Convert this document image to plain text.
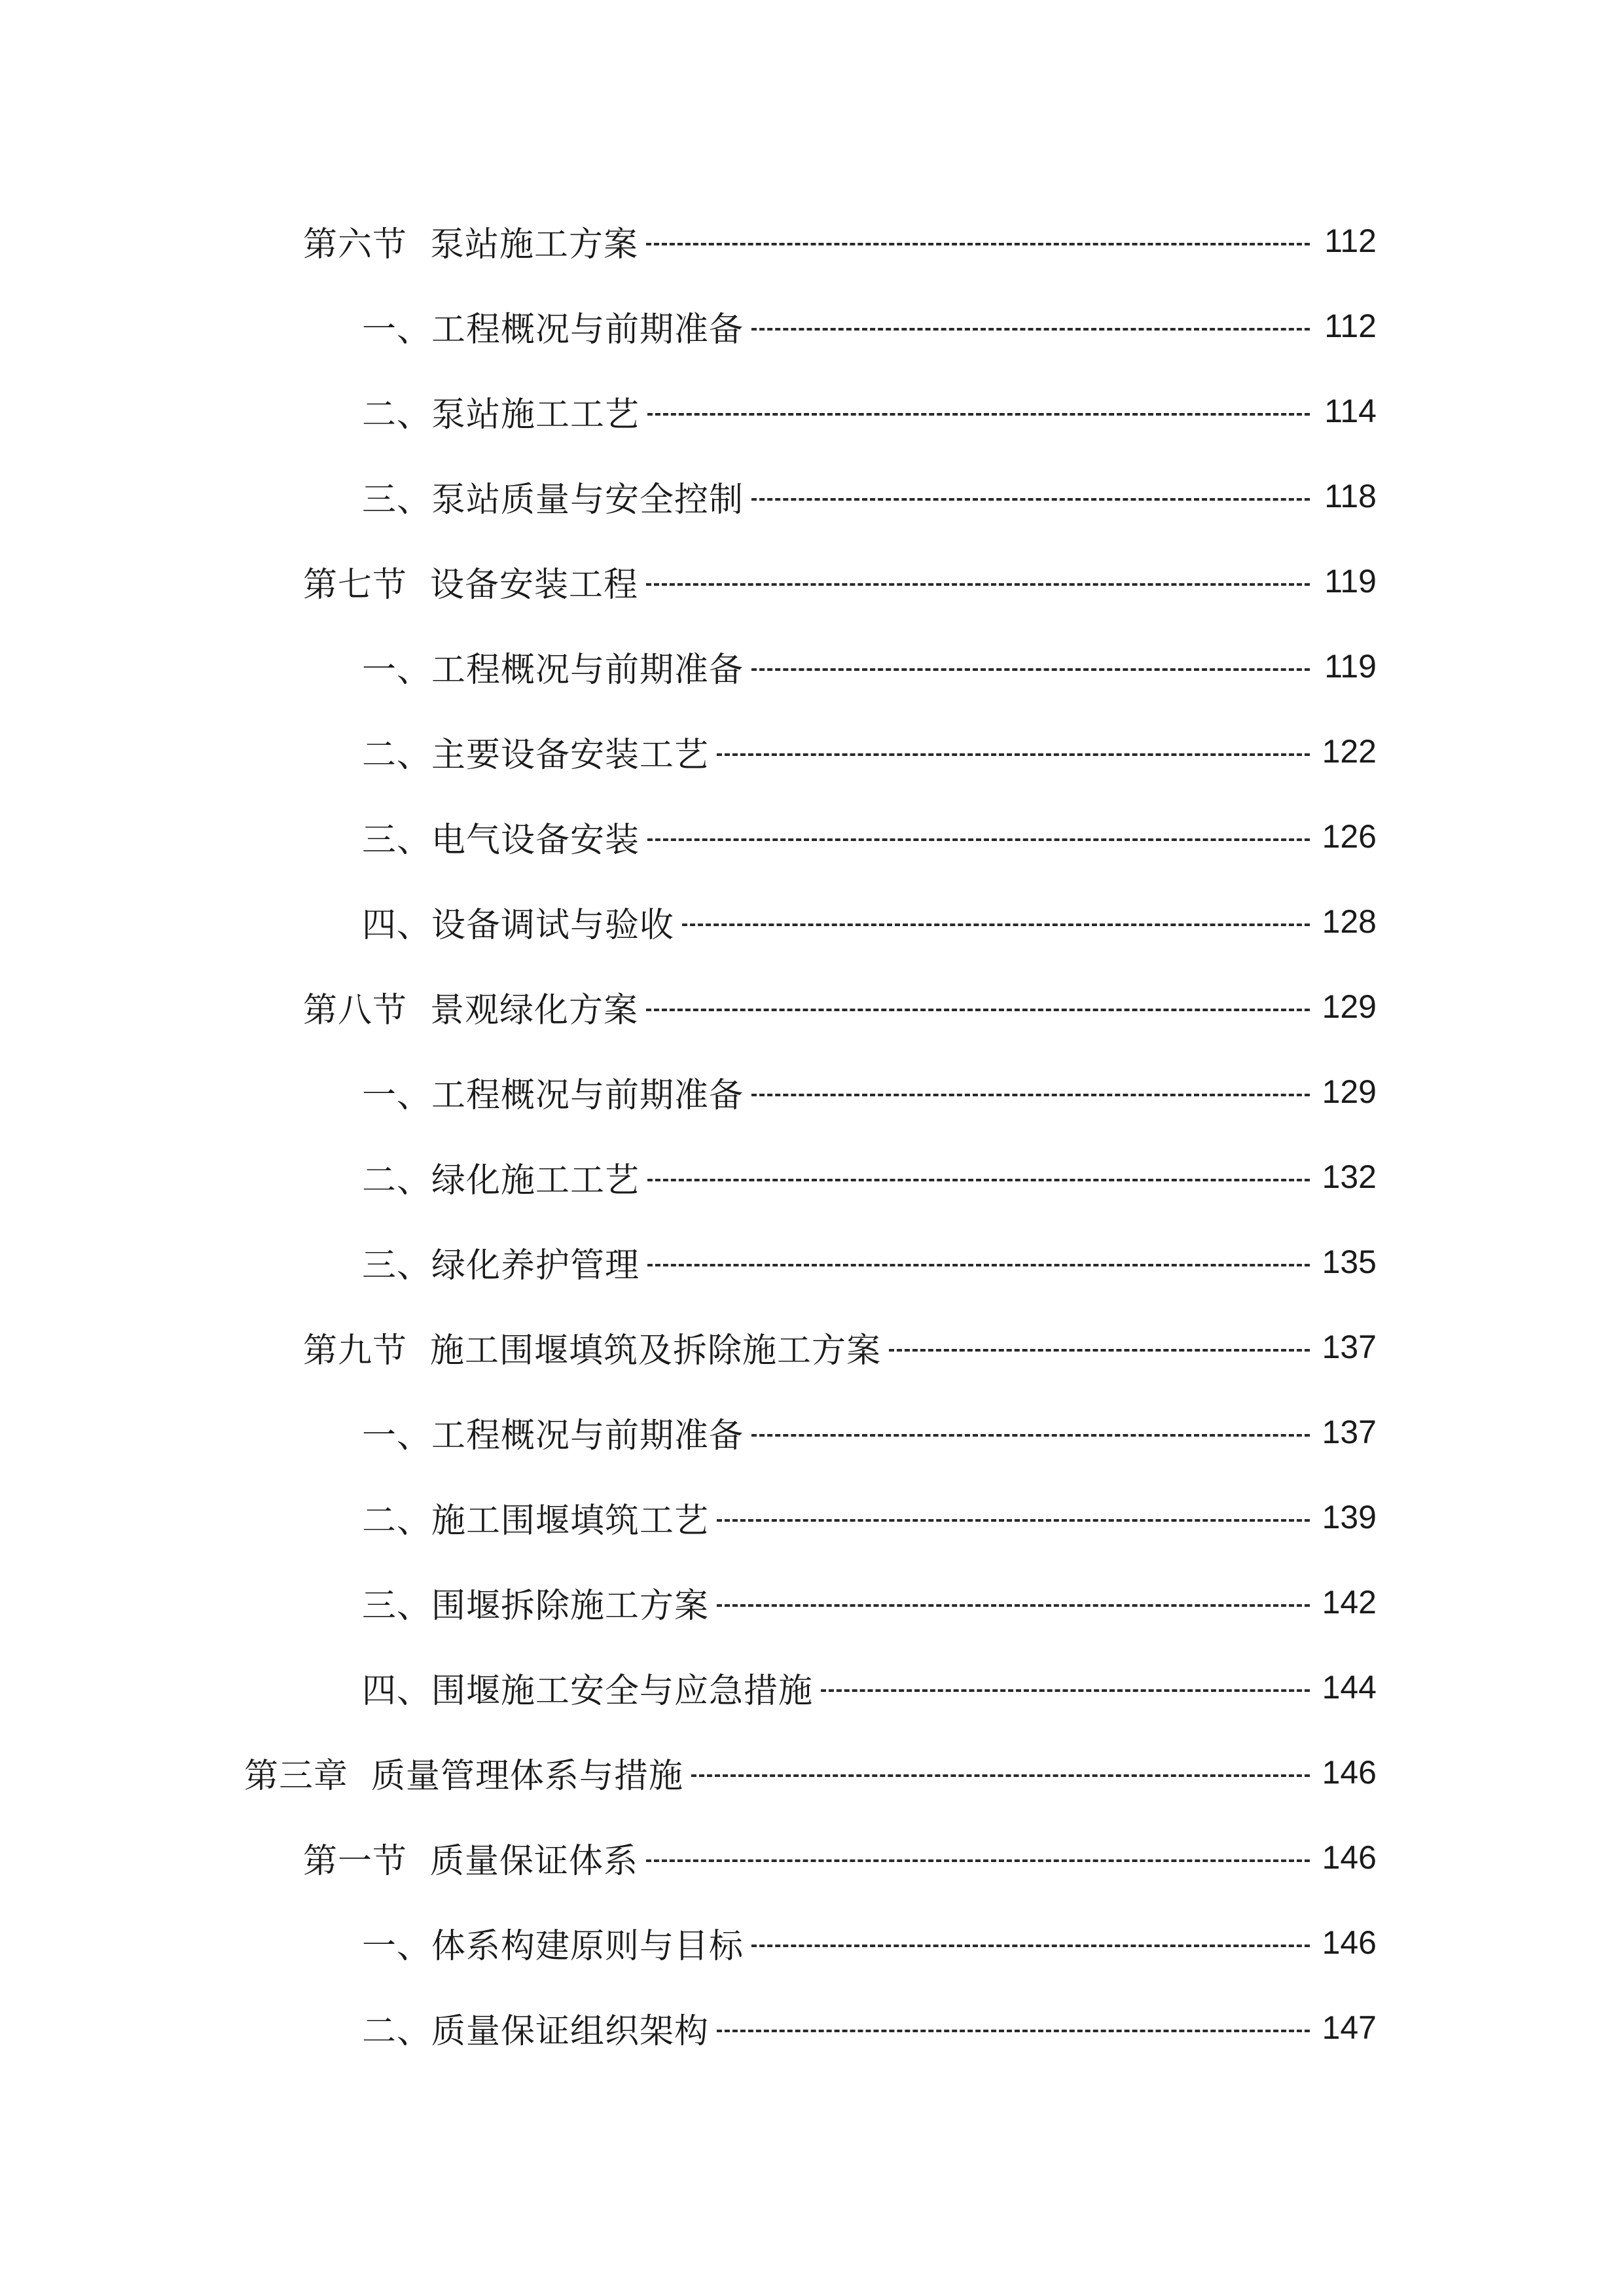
第六节  泵站施工方案	112
一、工程概况与前期准备	112
二、泵站施工工艺	114
三、泵站质量与安全控制	118
第七节  设备安装工程	119
一、工程概况与前期准备	119
二、主要设备安装工艺	122
三、电气设备安装	126
四、设备调试与验收	128
第八节  景观绿化方案	129
一、工程概况与前期准备	129
二、绿化施工工艺	132
三、绿化养护管理	135
第九节  施工围堰填筑及拆除施工方案	137
一、工程概况与前期准备	137
二、施工围堰填筑工艺	139
三、围堰拆除施工方案	142
四、围堰施工安全与应急措施	144
第三章  质量管理体系与措施	146
第一节  质量保证体系	146
一、体系构建原则与目标	146
二、质量保证组织架构	147
